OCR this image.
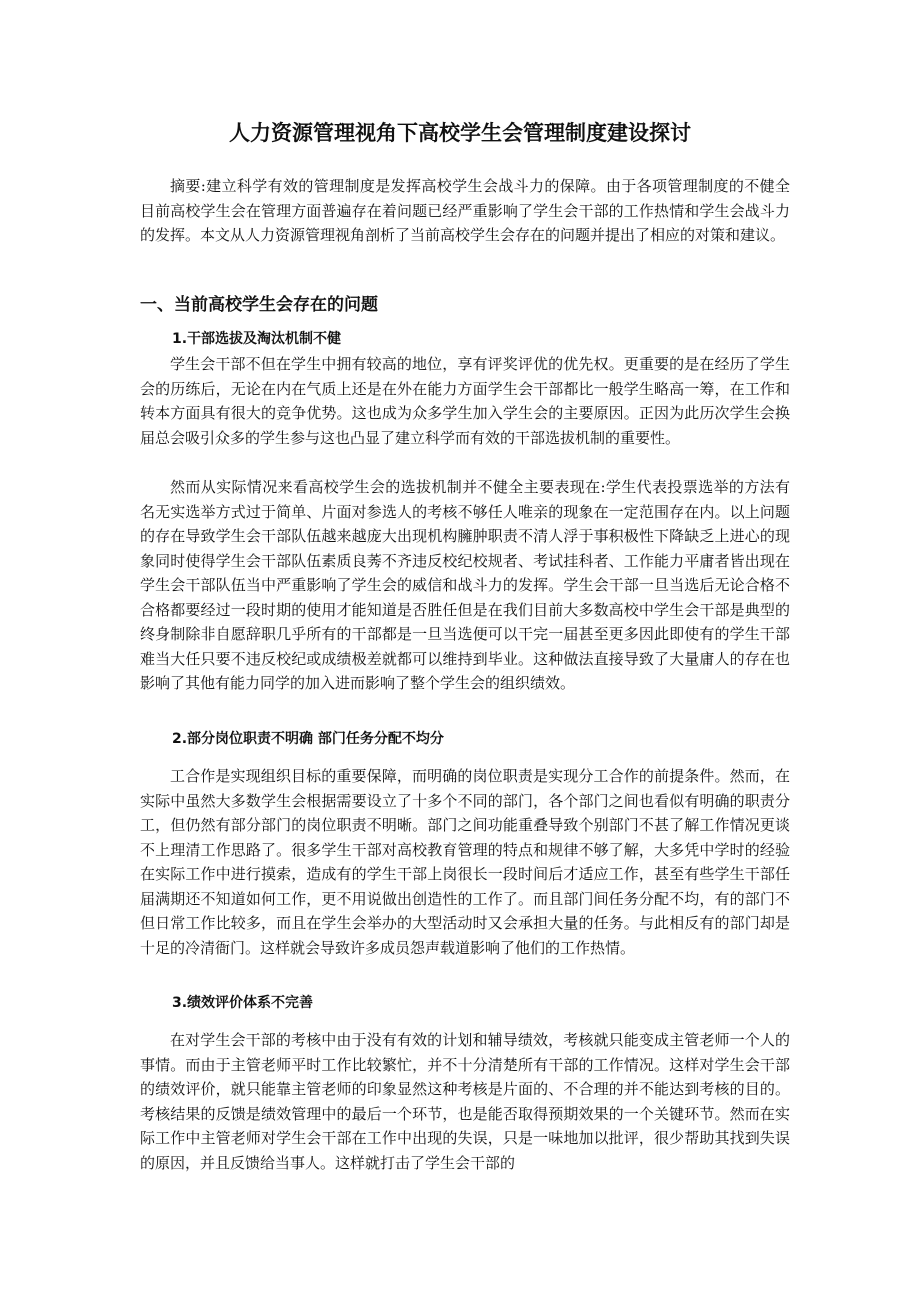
人力资源管理视角下高校学生会管理制度建设探讨

摘要:建立科学有效的管理制度是发挥高校学生会战斗力的保障。由于各项管理制度的不健全目前高校学生会在管理方面普遍存在着问题已经严重影响了学生会干部的工作热情和学生会战斗力的发挥。本文从人力资源管理视角剖析了当前高校学生会存在的问题并提出了相应的对策和建议。

一、当前高校学生会存在的问题
1.干部选拔及淘汰机制不健

学生会干部不但在学生中拥有较高的地位，享有评奖评优的优先权。更重要的是在经历了学生会的历练后，无论在内在气质上还是在外在能力方面学生会干部都比一般学生略高一筹，在工作和转本方面具有很大的竞争优势。这也成为众多学生加入学生会的主要原因。正因为此历次学生会换届总会吸引众多的学生参与这也凸显了建立科学而有效的干部选拔机制的重要性。

然而从实际情况来看高校学生会的选拔机制并不健全主要表现在:学生代表投票选举的方法有名无实选举方式过于简单、片面对参选人的考核不够任人唯亲的现象在一定范围存在内。以上问题的存在导致学生会干部队伍越来越庞大出现机构臃肿职责不清人浮于事积极性下降缺乏上进心的现象同时使得学生会干部队伍素质良莠不齐违反校纪校规者、考试挂科者、工作能力平庸者皆出现在学生会干部队伍当中严重影响了学生会的威信和战斗力的发挥。学生会干部一旦当选后无论合格不合格都要经过一段时期的使用才能知道是否胜任但是在我们目前大多数高校中学生会干部是典型的终身制除非自愿辞职几乎所有的干部都是一旦当选便可以干完一届甚至更多因此即使有的学生干部难当大任只要不违反校纪或成绩极差就都可以维持到毕业。这种做法直接导致了大量庸人的存在也影响了其他有能力同学的加入进而影响了整个学生会的组织绩效。

2.部分岗位职责不明确 部门任务分配不均分

工合作是实现组织目标的重要保障，而明确的岗位职责是实现分工合作的前提条件。然而，在实际中虽然大多数学生会根据需要设立了十多个不同的部门，各个部门之间也看似有明确的职责分工，但仍然有部分部门的岗位职责不明晰。部门之间功能重叠导致个别部门不甚了解工作情况更谈不上理清工作思路了。很多学生干部对高校教育管理的特点和规律不够了解，大多凭中学时的经验在实际工作中进行摸索，造成有的学生干部上岗很长一段时间后才适应工作，甚至有些学生干部任届满期还不知道如何工作，更不用说做出创造性的工作了。而且部门间任务分配不均，有的部门不但日常工作比较多，而且在学生会举办的大型活动时又会承担大量的任务。与此相反有的部门却是十足的冷清衙门。这样就会导致许多成员怨声载道影响了他们的工作热情。

3.绩效评价体系不完善

在对学生会干部的考核中由于没有有效的计划和辅导绩效，考核就只能变成主管老师一个人的事情。而由于主管老师平时工作比较繁忙，并不十分清楚所有干部的工作情况。这样对学生会干部的绩效评价，就只能靠主管老师的印象显然这种考核是片面的、不合理的并不能达到考核的目的。考核结果的反馈是绩效管理中的最后一个环节，也是能否取得预期效果的一个关键环节。然而在实际工作中主管老师对学生会干部在工作中出现的失误，只是一味地加以批评，很少帮助其找到失误的原因，并且反馈给当事人。这样就打击了学生会干部的
